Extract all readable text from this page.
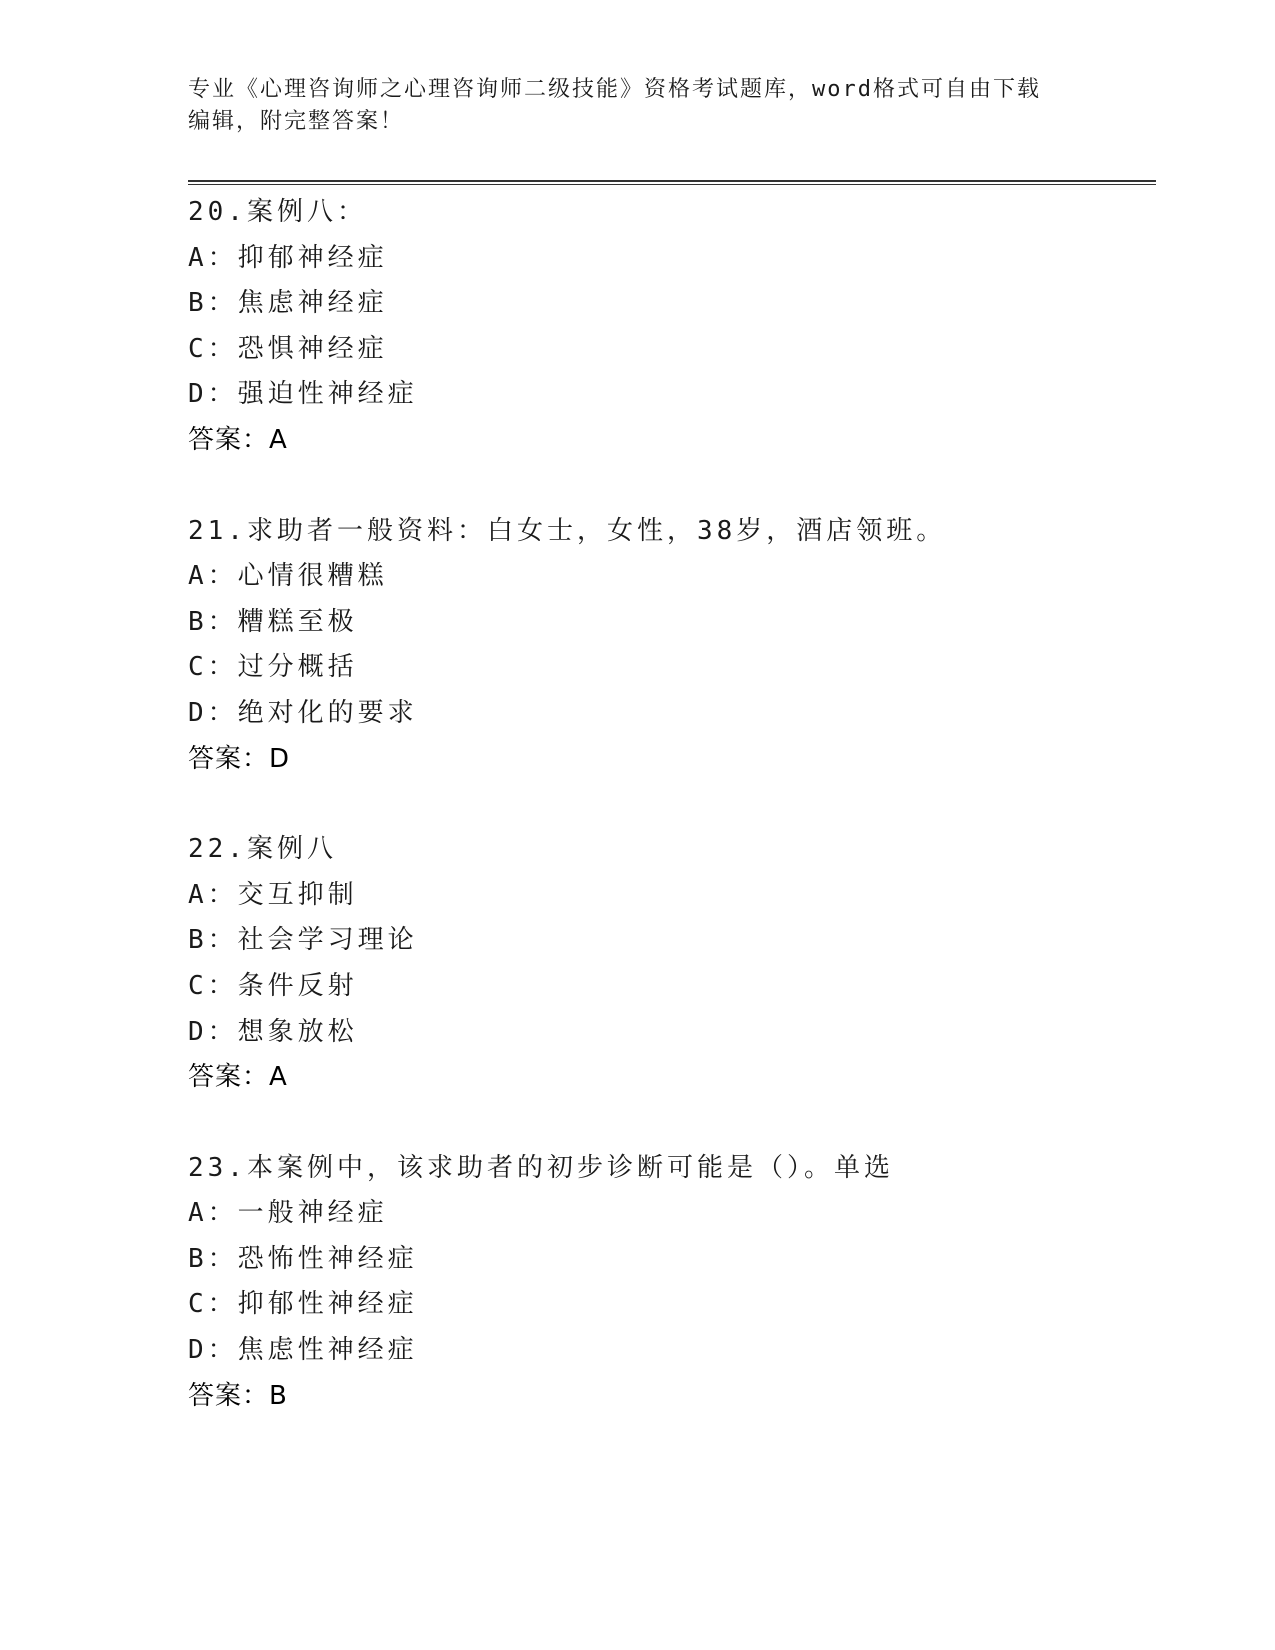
专业《心理咨询师之心理咨询师二级技能》资格考试题库，word格式可自由下载
编辑，附完整答案！
20.案例八：
A：抑郁神经症
B：焦虑神经症
C：恐惧神经症
D：强迫性神经症
答案：A
21.求助者一般资料：白女士，女性，38岁，酒店领班。
A：心情很糟糕
B：糟糕至极
C：过分概括
D：绝对化的要求
答案：D
22.案例八
A：交互抑制
B：社会学习理论
C：条件反射
D：想象放松
答案：A
23.本案例中，该求助者的初步诊断可能是（）。单选
A：一般神经症
B：恐怖性神经症
C：抑郁性神经症
D：焦虑性神经症
答案：B
